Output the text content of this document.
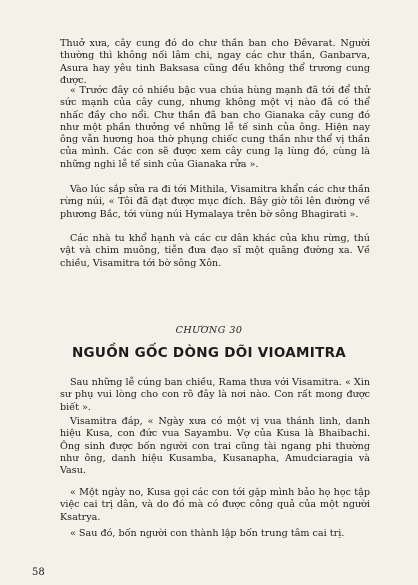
Thuở xưa, cây cung đó do chư thần ban cho Đêvarat. Người thường thì không nối lâm chi, ngay các chư thần, Ganbarva, Asura hay yêu tinh Baksasa cũng đều không thể trương cung được.

« Trước đây có nhiều bậc vua chúa hùng mạnh đã tới để thử sức mạnh của cây cung, nhưng không một vị nào đã có thể nhấc đầy cho nổi. Chư thần đã ban cho Gianaka cây cung đó như một phần thưởng về những lễ tế sinh của ông. Hiện nay ông vẫn hương hoa thờ phụng chiếc cung thần như thể vị thần của mình. Các con sẽ được xem cây cung lạ lùng đó, cùng là những nghi lễ tế sinh của Gianaka rửa ».

Vào lúc sắp sửa ra đi tới Mithila, Visamitra khẩn các chư thần rừng núi, « Tôi đã đạt được mục đích. Bây giờ tôi lên đường về phương Bắc, tới vùng núi Hymalaya trên bờ sông Bhagirati ».

Các nhà tu khổ hạnh và các cư dân khác của khu rừng, thú vật và chim muông, tiễn đưa đạo sĩ một quãng đường xa. Về chiều, Visamitra tới bờ sông Xôn.

CHƯƠNG 30

NGUỒN GỐC DÒNG DÕI VIOAMITRA

Sau những lễ cúng ban chiều, Rama thưa với Visamitra. « Xin sư phụ vui lòng cho con rõ đây là nơi nào. Con rất mong được biết ».

Visamitra đáp, « Ngày xưa có một vị vua thánh linh, danh hiệu Kusa, con đức vua Sayambu. Vợ của Kusa là Bhaibachi. Ông sinh được bốn người con trai cũng tài ngang phi thường như ông, danh hiệu Kusamba, Kusanapha, Amudciaragia và Vasu.

« Một ngày no, Kusa gọi các con tới gặp mình bảo họ học tập việc cai trị dân, và do đó mà có được công quả của một người Ksatrya.

« Sau đó, bốn người con thành lập bốn trung tâm cai trị.

58
